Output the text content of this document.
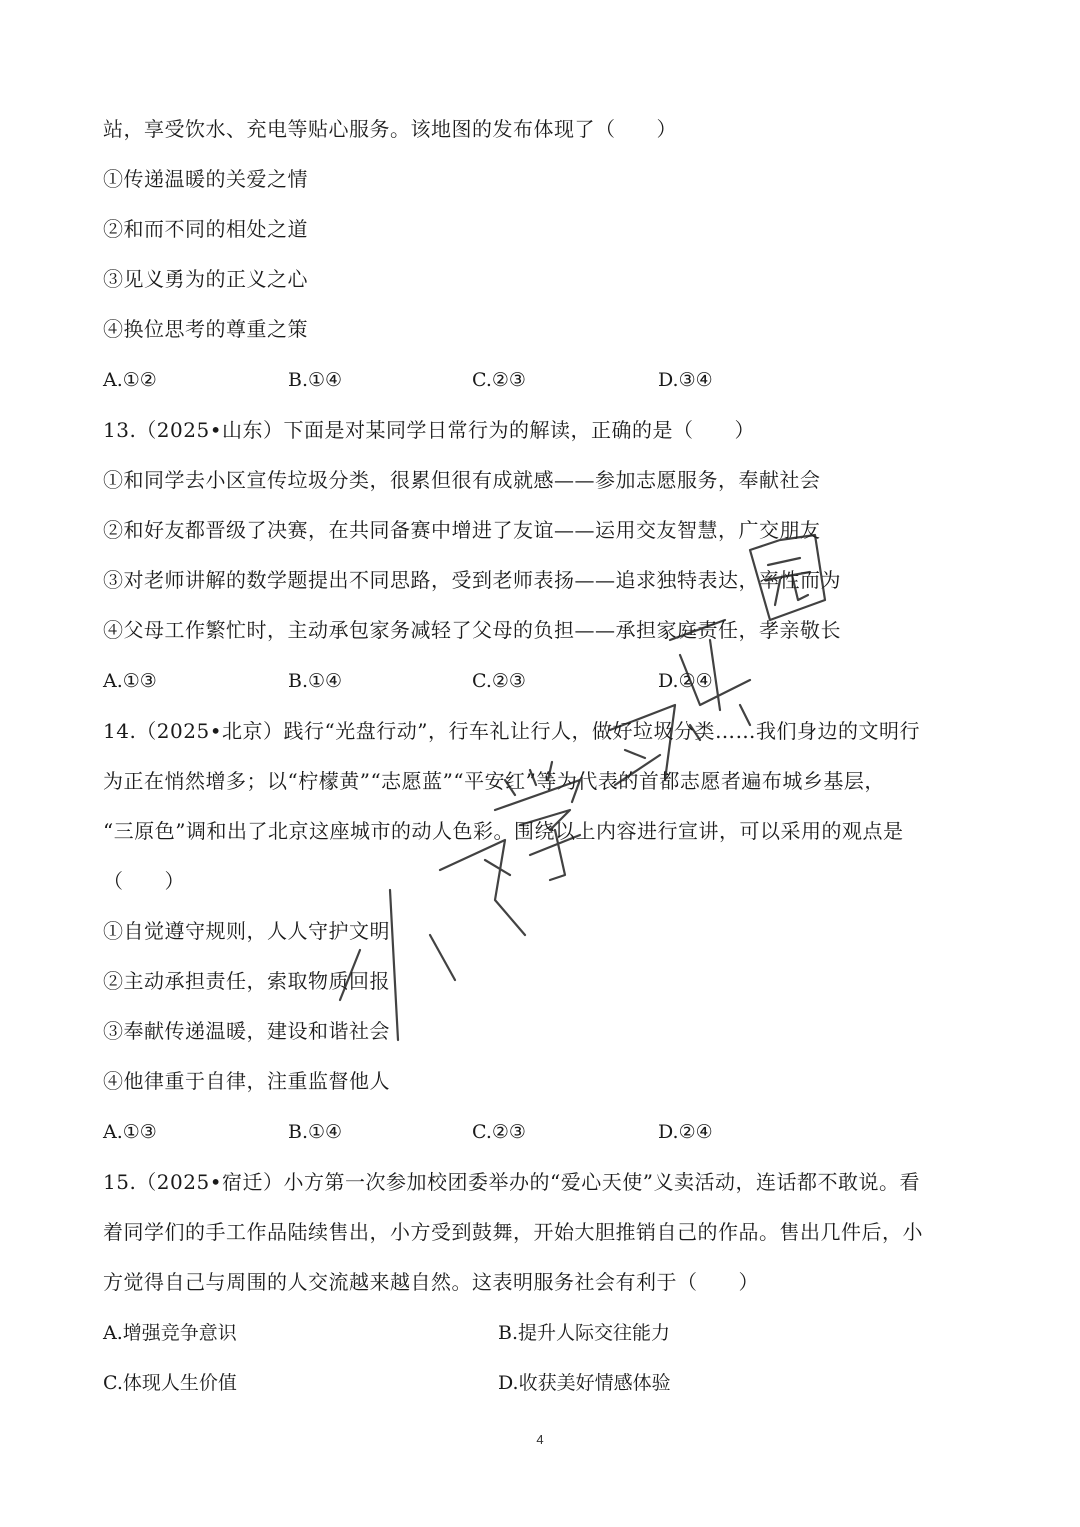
站，享受饮水、充电等贴心服务。该地图的发布体现了（　　）
①传递温暖的关爱之情
②和而不同的相处之道
③见义勇为的正义之心
④换位思考的尊重之策
A.①②	B.①④	C.②③	D.③④
13.（2025•山东）下面是对某同学日常行为的解读，正确的是（　　）
①和同学去小区宣传垃圾分类，很累但很有成就感——参加志愿服务，奉献社会
②和好友都晋级了决赛，在共同备赛中增进了友谊——运用交友智慧，广交朋友
③对老师讲解的数学题提出不同思路，受到老师表扬——追求独特表达，率性而为
④父母工作繁忙时，主动承包家务减轻了父母的负担——承担家庭责任，孝亲敬长
A.①③	B.①④	C.②③	D.②④
14.（2025•北京）践行“光盘行动”，行车礼让行人，做好垃圾分类……我们身边的文明行
为正在悄然增多；以“柠檬黄”“志愿蓝”“平安红”等为代表的首都志愿者遍布城乡基层，
“三原色”调和出了北京这座城市的动人色彩。围绕以上内容进行宣讲，可以采用的观点是
（　　）
①自觉遵守规则，人人守护文明
②主动承担责任，索取物质回报
③奉献传递温暖，建设和谐社会
④他律重于自律，注重监督他人
A.①③	B.①④	C.②③	D.②④
15.（2025•宿迁）小方第一次参加校团委举办的“爱心天使”义卖活动，连话都不敢说。看
着同学们的手工作品陆续售出，小方受到鼓舞，开始大胆推销自己的作品。售出几件后，小
方觉得自己与周围的人交流越来越自然。这表明服务社会有利于（　　）
A.增强竞争意识	B.提升人际交往能力
C.体现人生价值	D.收获美好情感体验
4
